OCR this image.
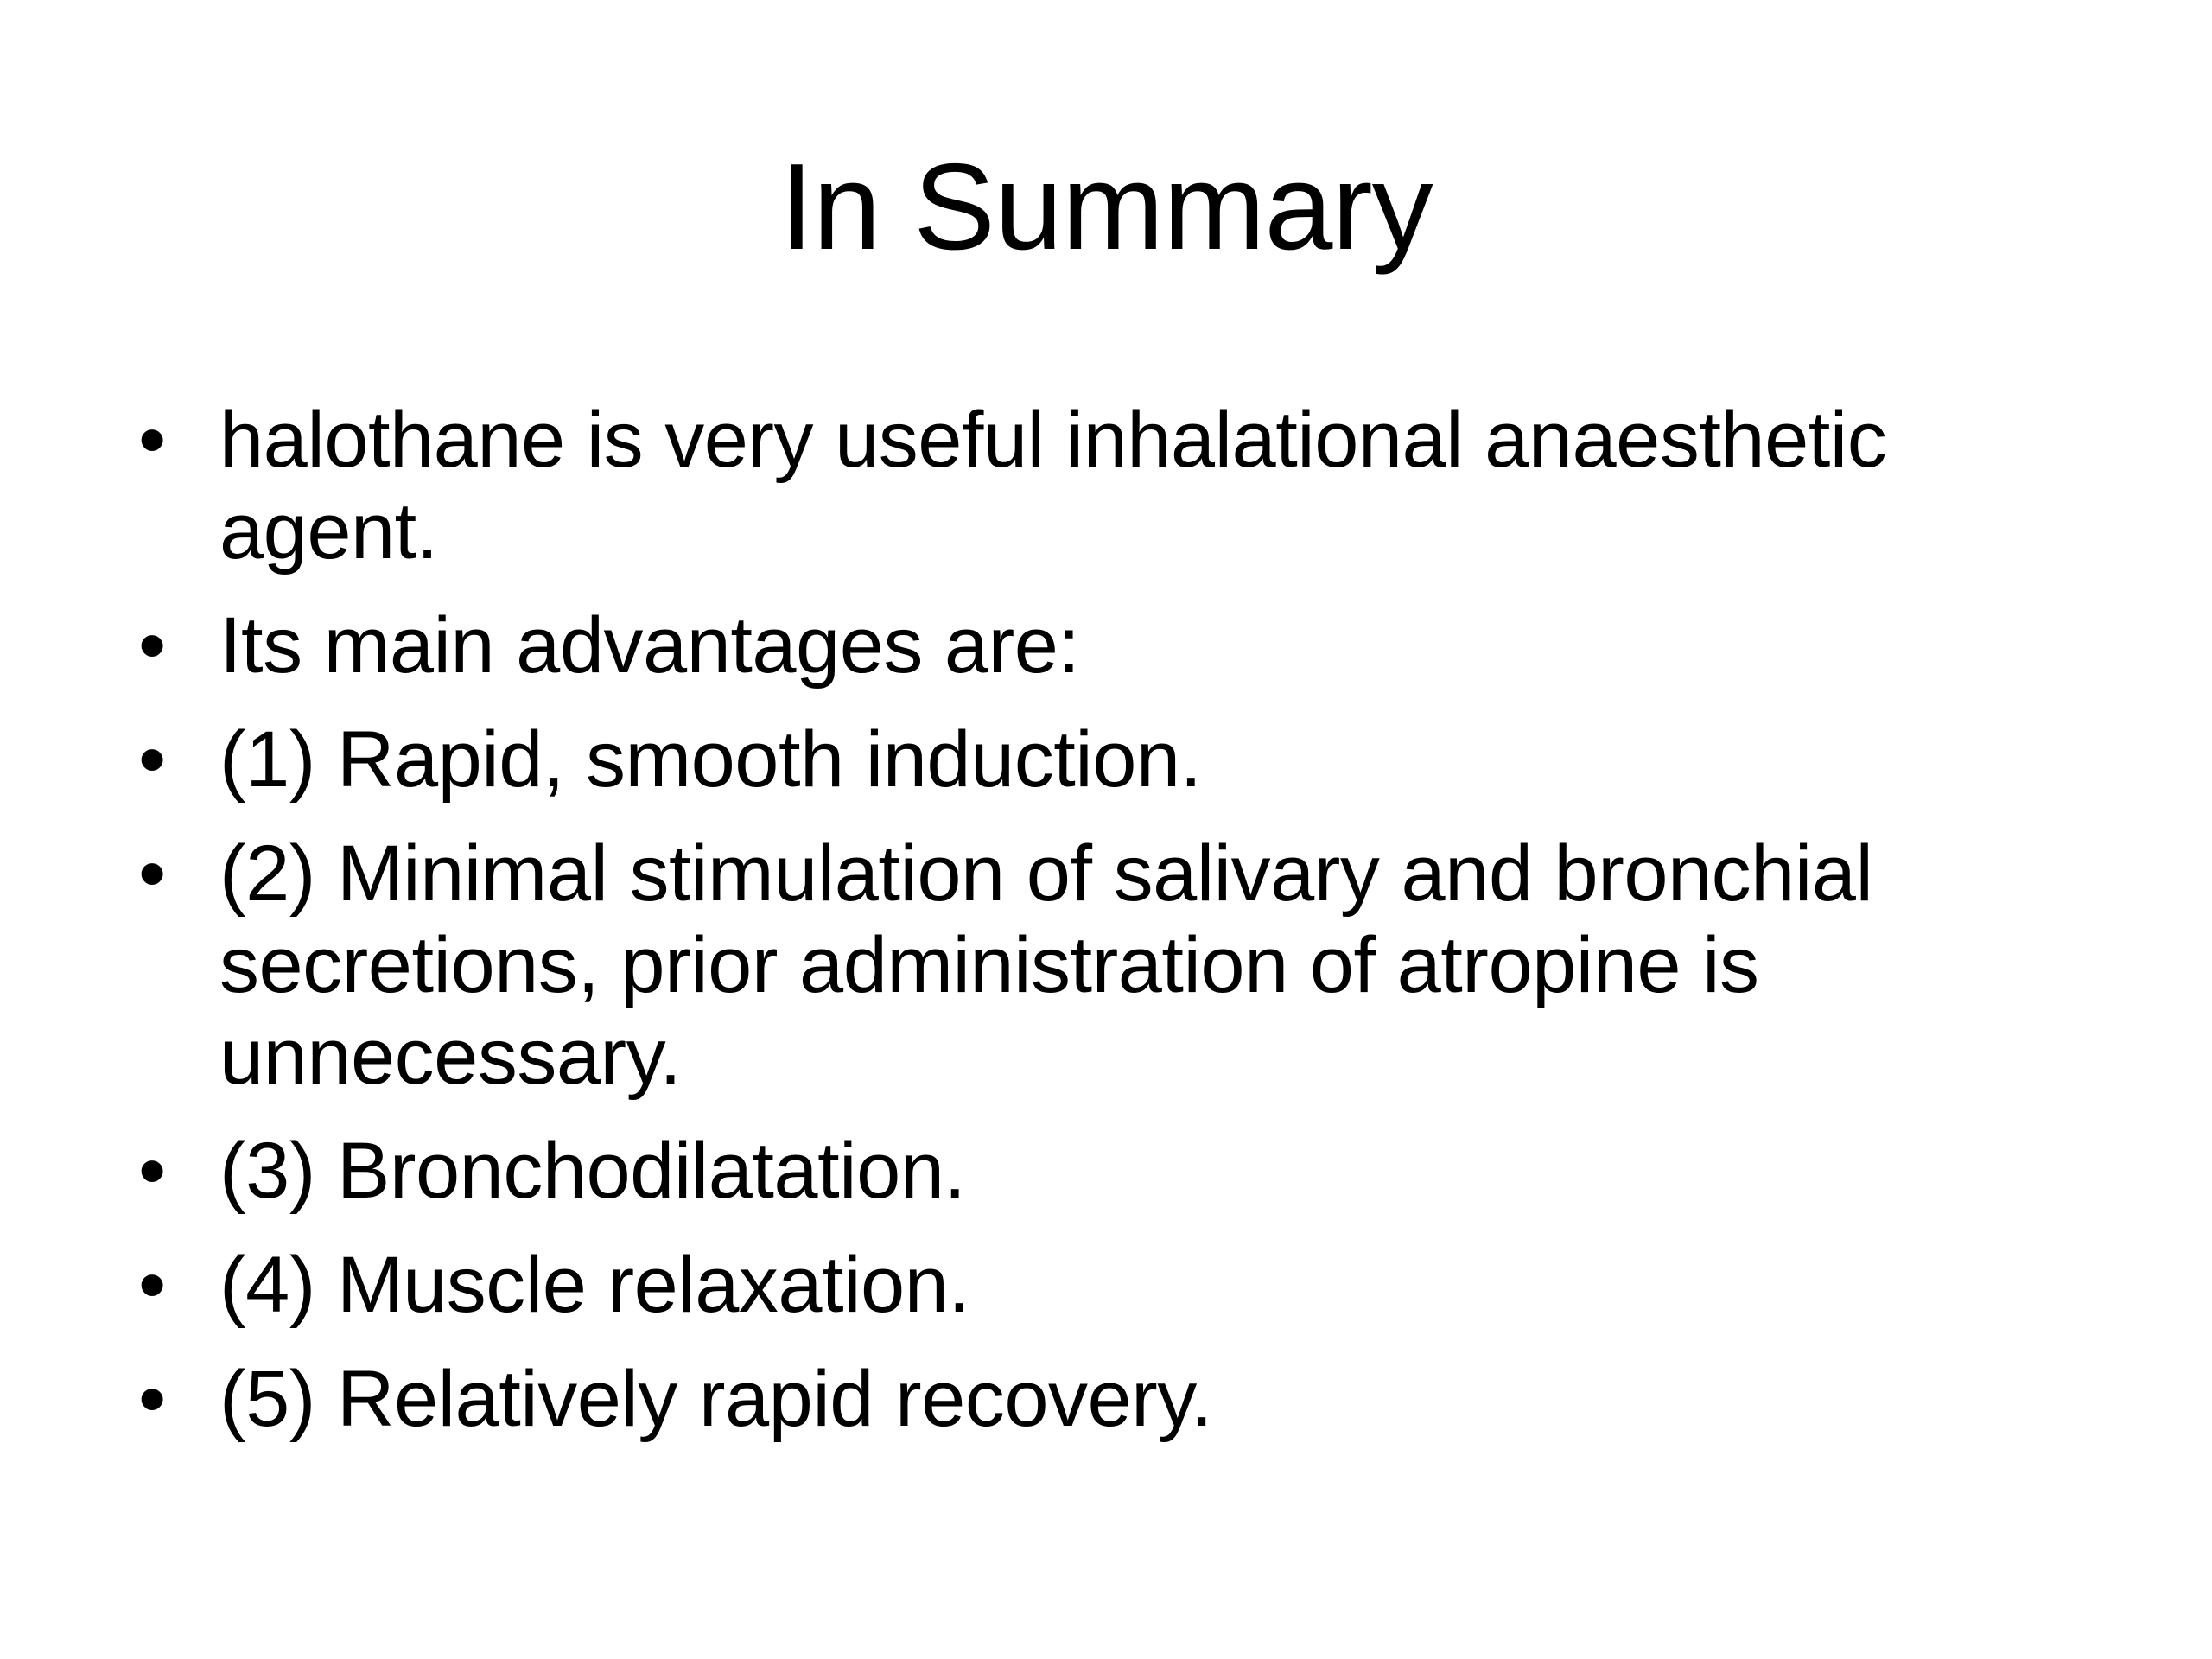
In Summary
• halothane is very useful inhalational anaesthetic agent.
• Its main advantages are:
• (1) Rapid, smooth induction.
• (2) Minimal stimulation of salivary and bronchial secretions, prior administration of atropine is unnecessary.
• (3) Bronchodilatation.
• (4) Muscle relaxation.
• (5) Relatively rapid recovery.
